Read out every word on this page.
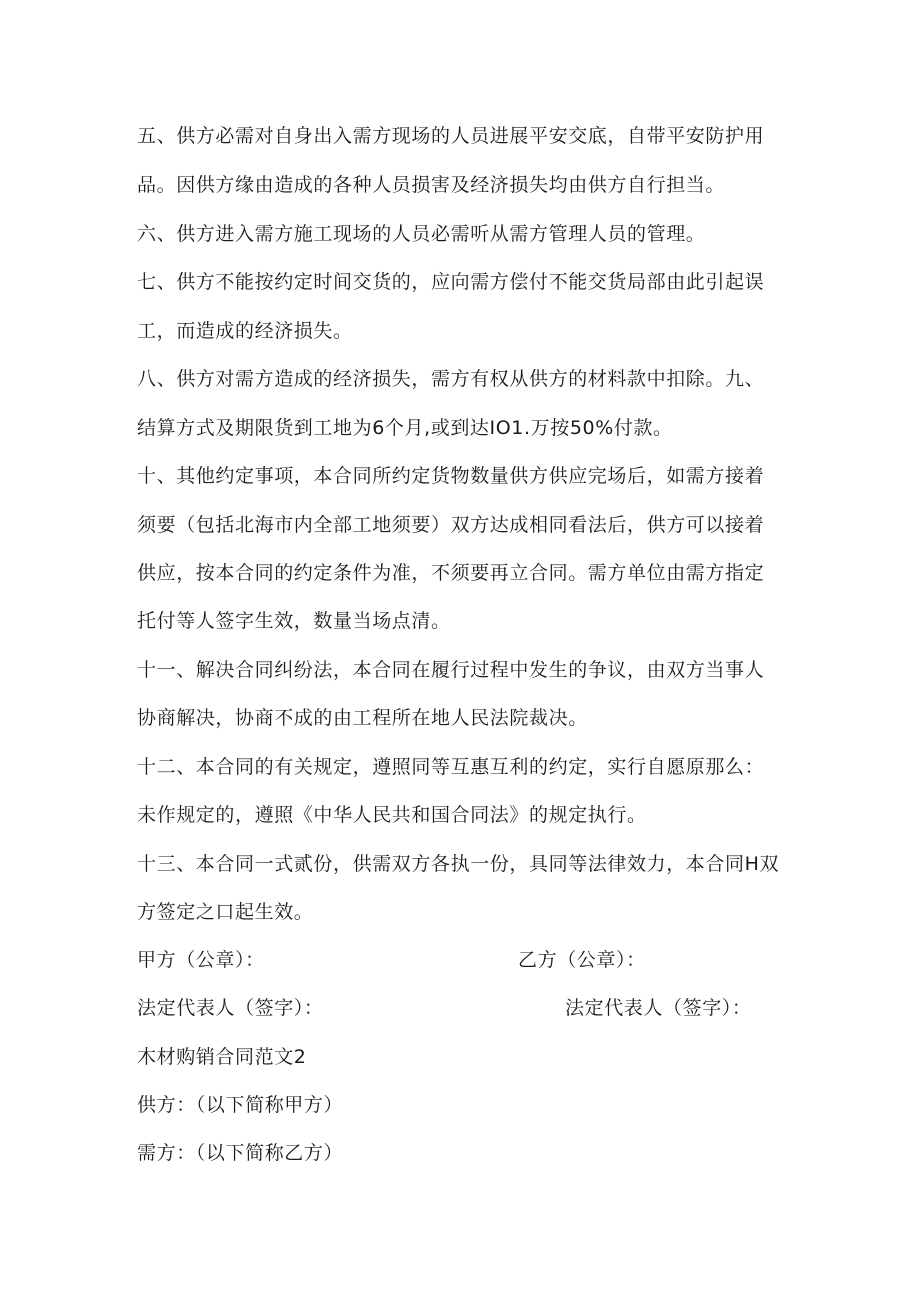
五、供方必需对自身出入需方现场的人员进展平安交底，自带平安防护用
品。因供方缘由造成的各种人员损害及经济损失均由供方自行担当。
六、供方进入需方施工现场的人员必需听从需方管理人员的管理。
七、供方不能按约定时间交货的，应向需方偿付不能交货局部由此引起误
工，而造成的经济损失。
八、供方对需方造成的经济损失，需方有权从供方的材料款中扣除。九、
结算方式及期限货到工地为6个月,或到达IO1.万按50%付款。
十、其他约定事项，本合同所约定货物数量供方供应完场后，如需方接着
须要（包括北海市内全部工地须要）双方达成相同看法后，供方可以接着
供应，按本合同的约定条件为准，不须要再立合同。需方单位由需方指定
托付等人签字生效，数量当场点清。
十一、解决合同纠纷法，本合同在履行过程中发生的争议，由双方当事人
协商解决，协商不成的由工程所在地人民法院裁决。
十二、本合同的有关规定，遵照同等互惠互利的约定，实行自愿原那么：
未作规定的，遵照《中华人民共和国合同法》的规定执行。
十三、本合同一式贰份，供需双方各执一份，具同等法律效力，本合同H双
方签定之口起生效。
甲方（公章）：	乙方（公章）：
法定代表人（签字）：	法定代表人（签字）：
木材购销合同范文2
供方：（以下简称甲方）
需方：（以下简称乙方）
